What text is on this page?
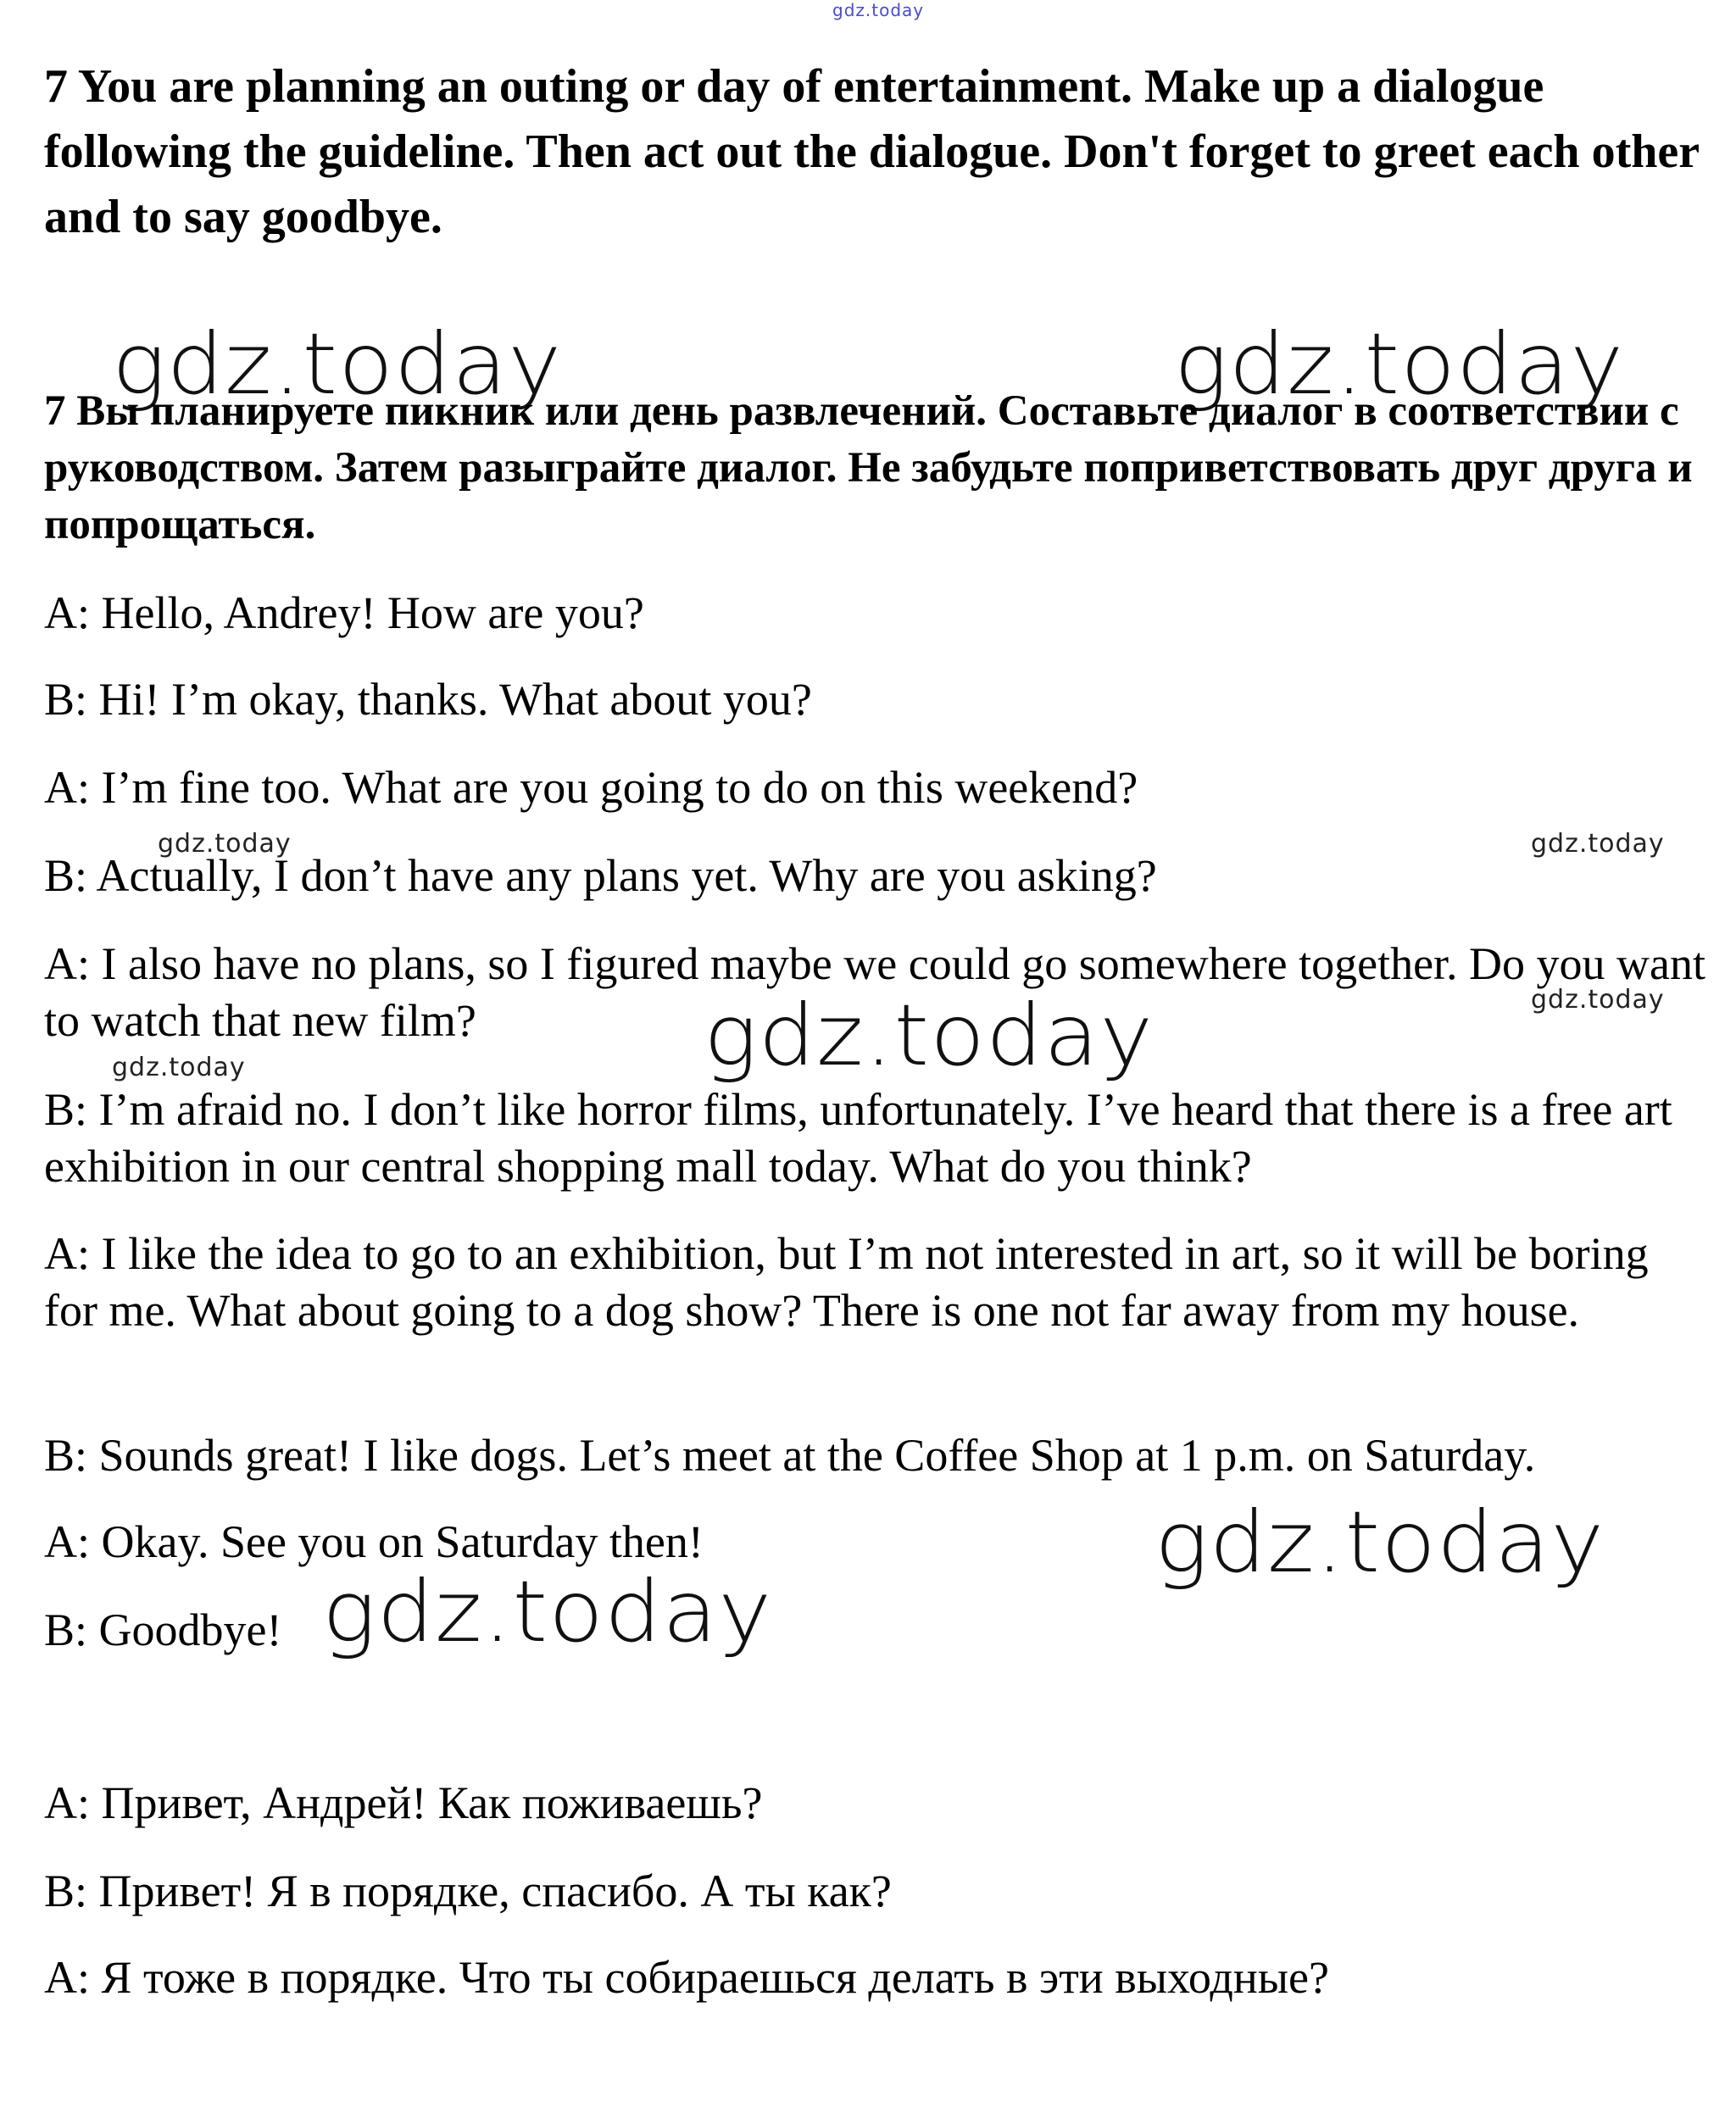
gdz.today

7 You are planning an outing or day of entertainment. Make up a dialogue following the guideline. Then act out the dialogue. Don't forget to greet each other and to say goodbye.

gdz.today	gdz.today

7 Вы планируете пикник или день развлечений. Составьте диалог в соответствии с руководством. Затем разыграйте диалог. Не забудьте поприветствовать друг друга и попрощаться.

A: Hello, Andrey! How are you?

B: Hi! I’m okay, thanks. What about you?

A: I’m fine too. What are you going to do on this weekend?

gdz.today	gdz.today

B: Actually, I don’t have any plans yet. Why are you asking?

A: I also have no plans, so I figured maybe we could go somewhere together. Do you want to watch that new film?	gdz.today
gdz.today
gdz.today

B: I’m afraid no. I don’t like horror films, unfortunately. I’ve heard that there is a free art exhibition in our central shopping mall today. What do you think?

A: I like the idea to go to an exhibition, but I’m not interested in art, so it will be boring for me. What about going to a dog show? There is one not far away from my house.

B: Sounds great! I like dogs. Let’s meet at the Coffee Shop at 1 p.m. on Saturday.

A: Okay. See you on Saturday then!	gdz.today

B: Goodbye! gdz.today

A: Привет, Андрей! Как поживаешь?

B: Привет! Я в порядке, спасибо. А ты как?

A: Я тоже в порядке. Что ты собираешься делать в эти выходные?
